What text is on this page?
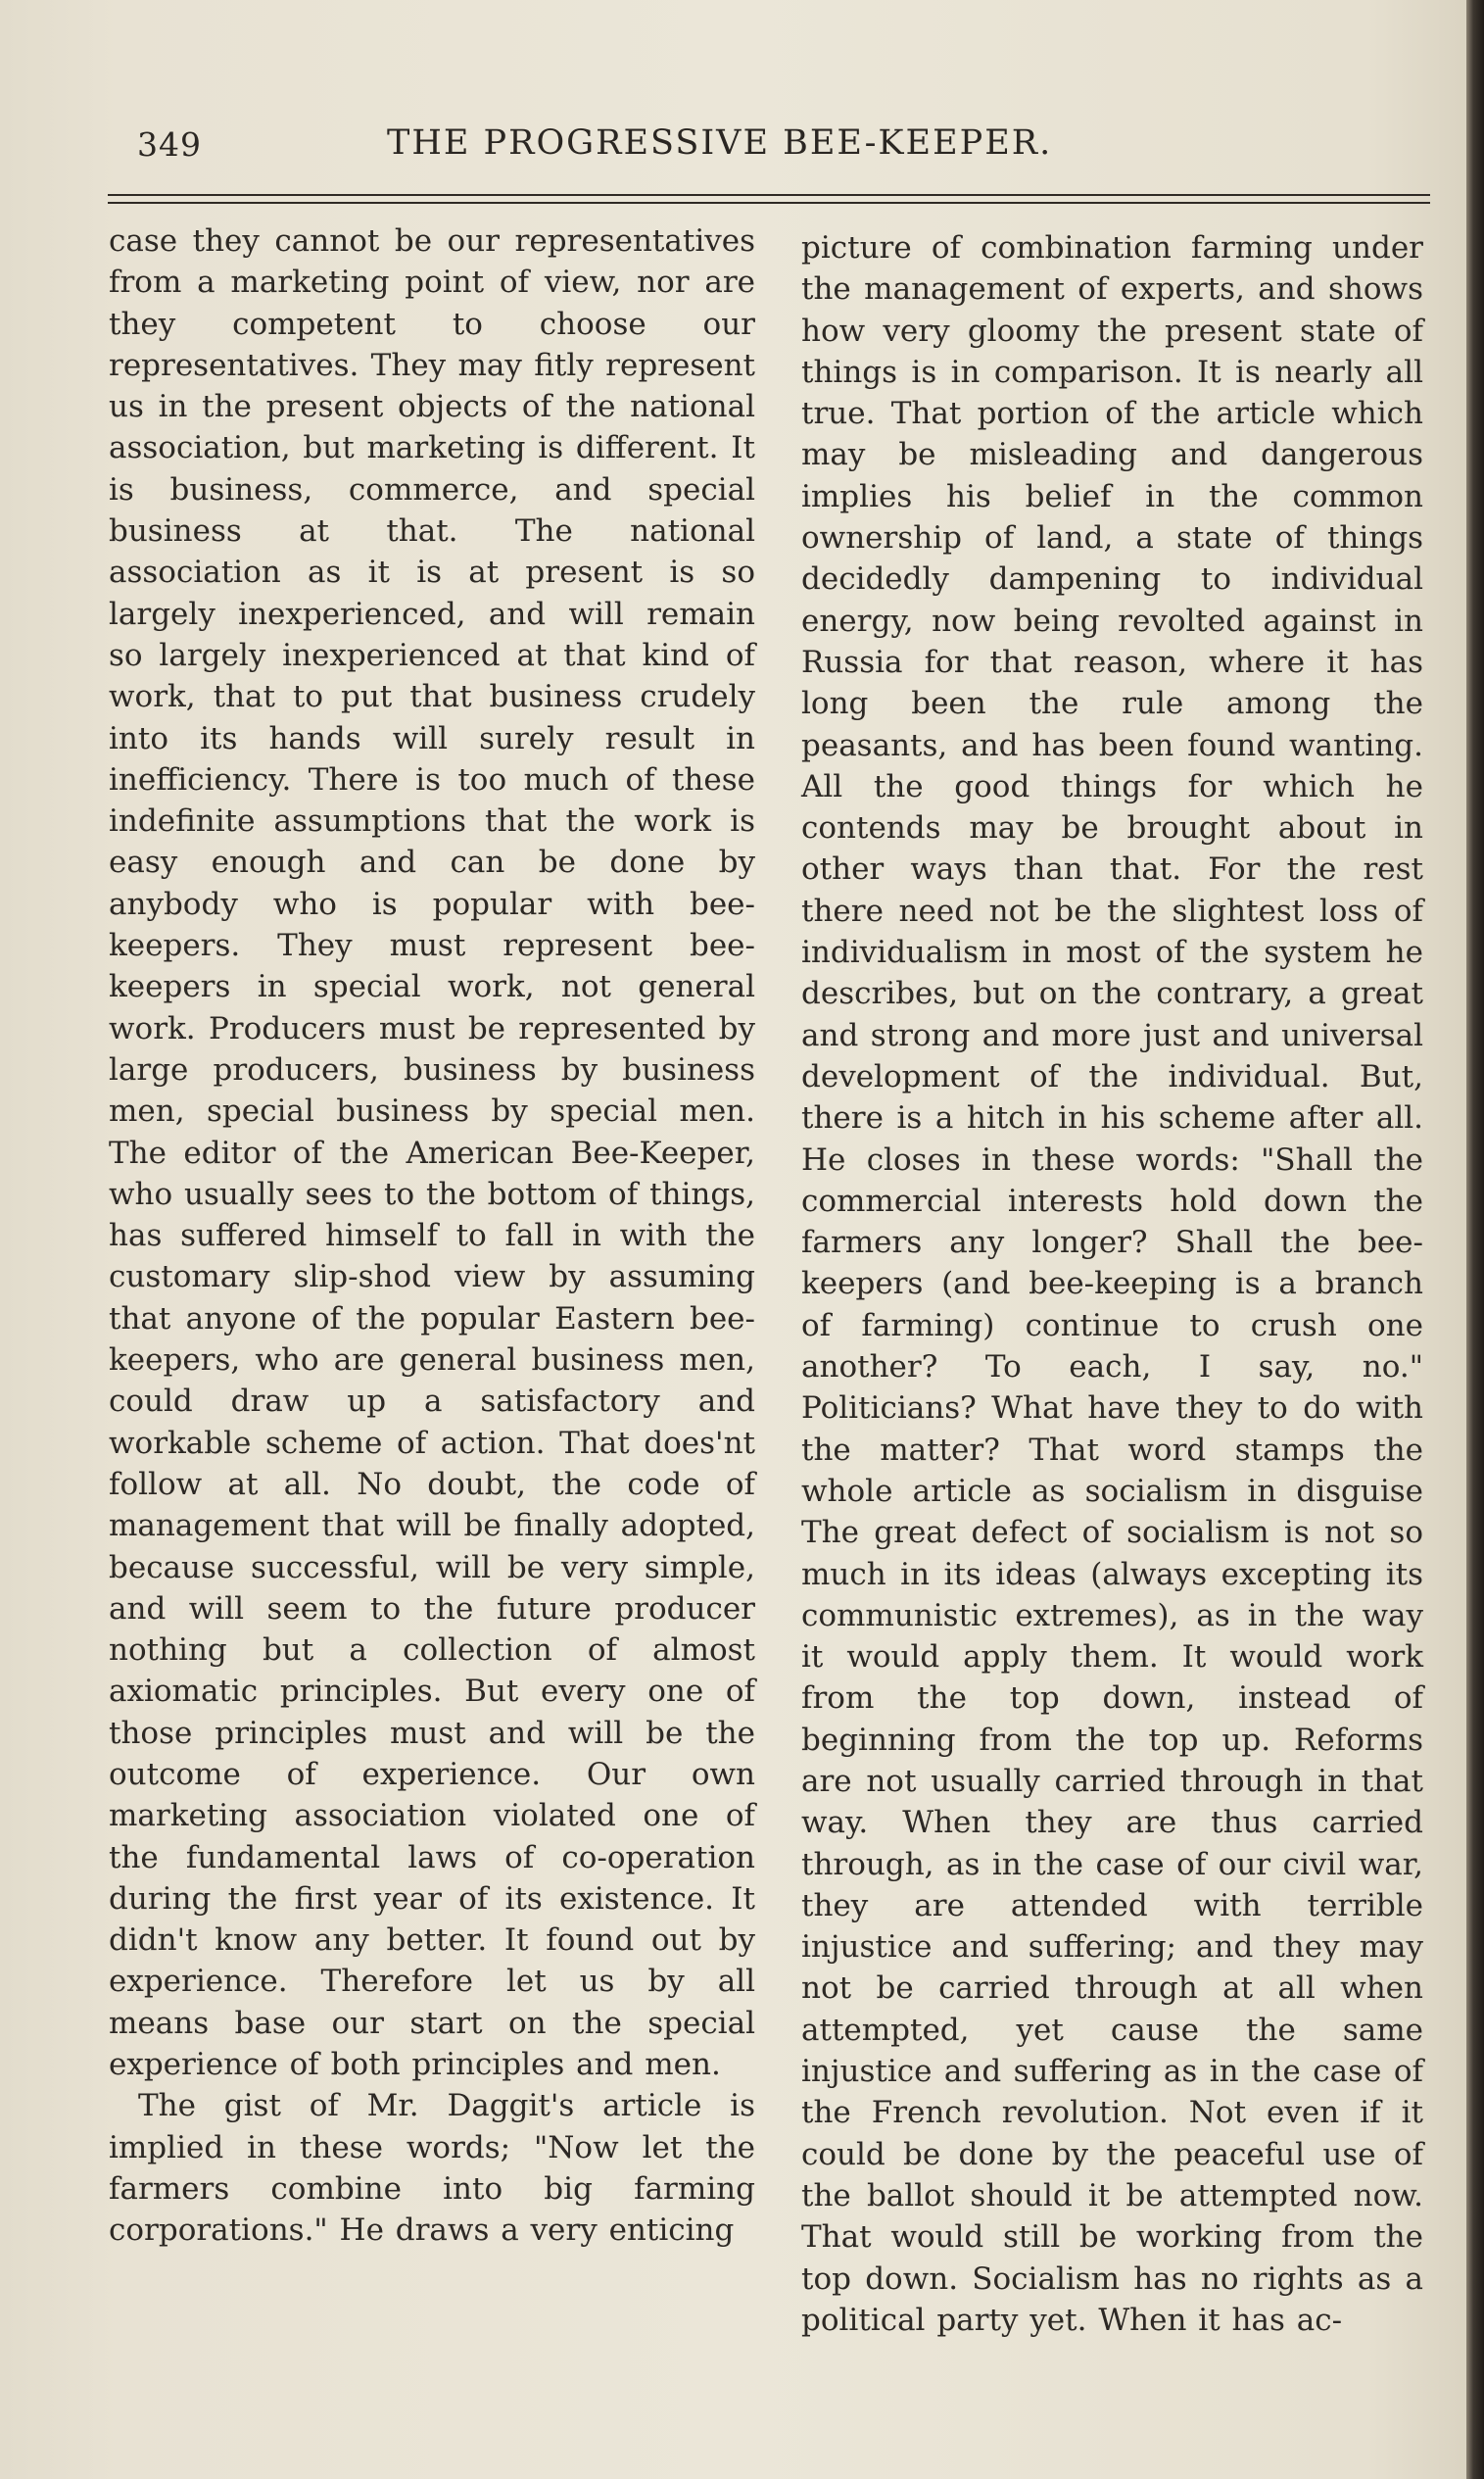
349	THE PROGRESSIVE BEE-KEEPER.

case they cannot be our representatives from a marketing point of view, nor are they competent to choose our representatives. They may fitly represent us in the present objects of the national association, but marketing is different. It is business, commerce, and special business at that. The national association as it is at present is so largely inexperienced, and will remain so largely inexperienced at that kind of work, that to put that business crudely into its hands will surely result in inefficiency. There is too much of these indefinite assumptions that the work is easy enough and can be done by anybody who is popular with bee-keepers. They must represent bee-keepers in special work, not general work. Producers must be represented by large producers, business by business men, special business by special men. The editor of the American Bee-Keeper, who usually sees to the bottom of things, has suffered himself to fall in with the customary slip-shod view by assuming that anyone of the popular Eastern bee-keepers, who are general business men, could draw up a satisfactory and workable scheme of action. That does'nt follow at all. No doubt, the code of management that will be finally adopted, because successful, will be very simple, and will seem to the future producer nothing but a collection of almost axiomatic principles. But every one of those principles must and will be the outcome of experience. Our own marketing association violated one of the fundamental laws of co-operation during the first year of its existence. It didn't know any better. It found out by experience. Therefore let us by all means base our start on the special experience of both principles and men.

The gist of Mr. Daggit's article is implied in these words; "Now let the farmers combine into big farming corporations." He draws a very enticing

picture of combination farming under the management of experts, and shows how very gloomy the present state of things is in comparison. It is nearly all true. That portion of the article which may be misleading and dangerous implies his belief in the common ownership of land, a state of things decidedly dampening to individual energy, now being revolted against in Russia for that reason, where it has long been the rule among the peasants, and has been found wanting. All the good things for which he contends may be brought about in other ways than that. For the rest there need not be the slightest loss of individualism in most of the system he describes, but on the contrary, a great and strong and more just and universal development of the individual. But, there is a hitch in his scheme after all. He closes in these words: "Shall the commercial interests hold down the farmers any longer? Shall the bee-keepers (and bee-keeping is a branch of farming) continue to crush one another? To each, I say, no." Politicians? What have they to do with the matter? That word stamps the whole article as socialism in disguise The great defect of socialism is not so much in its ideas (always excepting its communistic extremes), as in the way it would apply them. It would work from the top down, instead of beginning from the top up. Reforms are not usually carried through in that way. When they are thus carried through, as in the case of our civil war, they are attended with terrible injustice and suffering; and they may not be carried through at all when attempted, yet cause the same injustice and suffering as in the case of the French revolution. Not even if it could be done by the peaceful use of the ballot should it be attempted now. That would still be working from the top down. Socialism has no rights as a political party yet. When it has ac-
